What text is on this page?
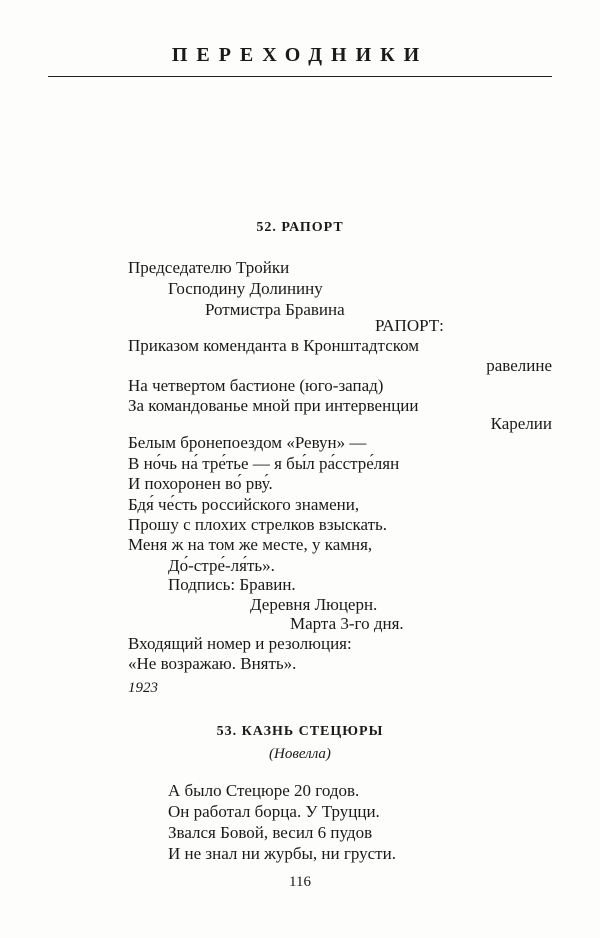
ПЕРЕХОДНИКИ
52. РАПОРТ
Председателю Тройки
Господину Долинину
Ротмистра Бравина
РАПОРТ:
Приказом коменданта в Кронштадтском
равелине
На четвертом бастионе (юго-запад)
За командованье мной при интервенции
Карелии
Белым бронепоездом «Ревун» —
В но́чь на́ тре́тье — я бы́л ра́сстре́лян
И похоронен во́ рву́.
Бдя́ че́сть российского знамени,
Прошу с плохих стрелков взыскать.
Меня ж на том же месте, у камня,
До́-стре́-ля́ть».
Подпись: Бравин.
Деревня Люцерн.
Марта 3-го дня.
Входящий номер и резолюция:
«Не возражаю. Внять».
1923
53. КАЗНЬ СТЕЦЮРЫ
(Новелла)
А было Стецюре 20 годов.
Он работал борца. У Труцци.
Звался Бовой, весил 6 пудов
И не знал ни журбы, ни грусти.
116
